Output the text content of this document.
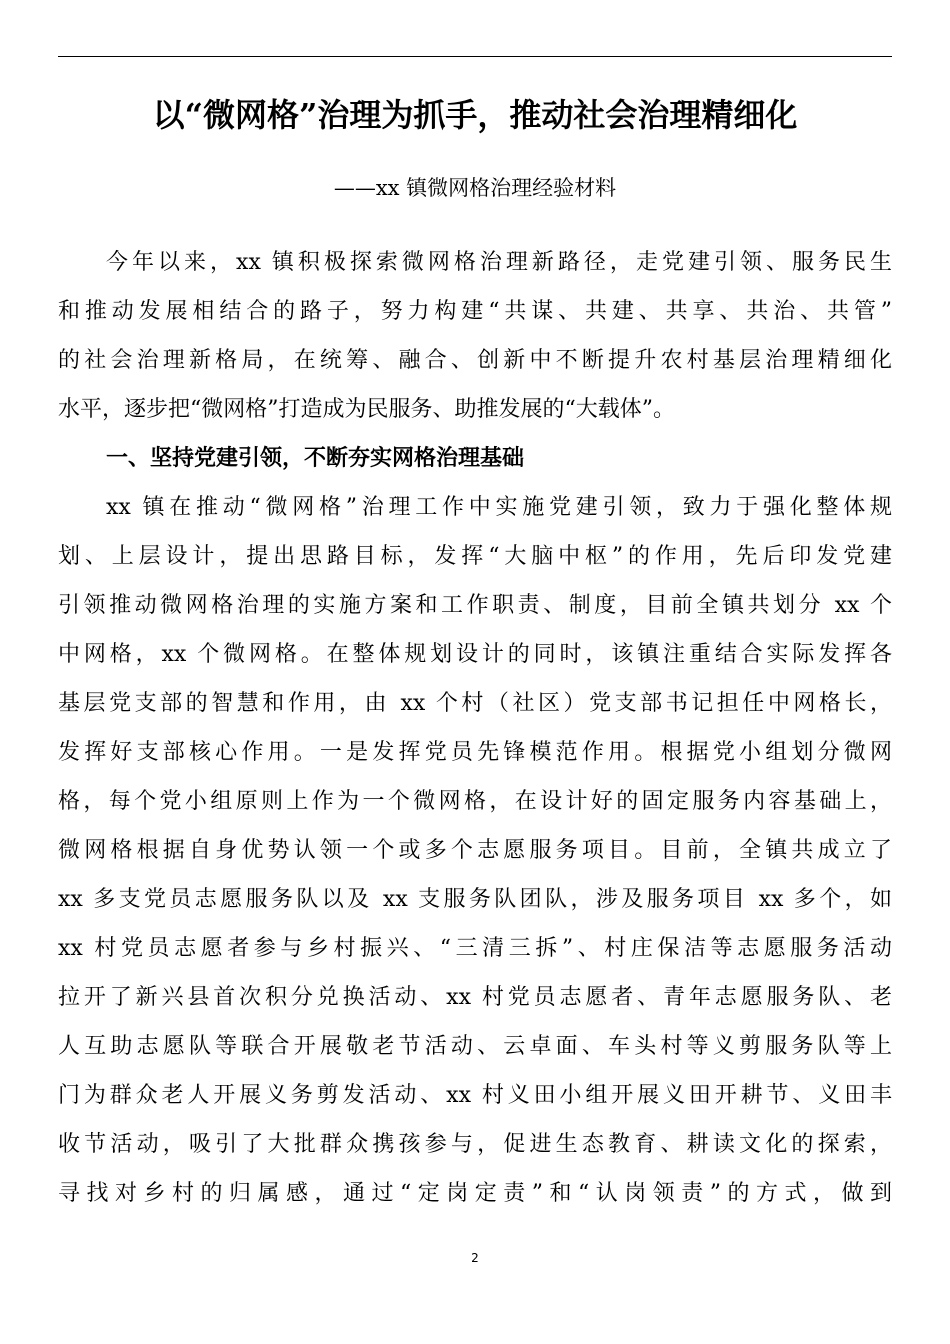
以“微网格”治理为抓手，推动社会治理精细化
——xx 镇微网格治理经验材料
今年以来，xx 镇积极探索微网格治理新路径，走党建引领、服务民生
和推动发展相结合的路子，努力构建“共谋、共建、共享、共治、共管”
的社会治理新格局，在统筹、融合、创新中不断提升农村基层治理精细化
水平，逐步把“微网格”打造成为民服务、助推发展的“大载体”。
一、坚持党建引领，不断夯实网格治理基础
xx 镇在推动“微网格”治理工作中实施党建引领，致力于强化整体规
划、上层设计，提出思路目标，发挥“大脑中枢”的作用，先后印发党建
引领推动微网格治理的实施方案和工作职责、制度，目前全镇共划分 xx 个
中网格，xx 个微网格。在整体规划设计的同时，该镇注重结合实际发挥各
基层党支部的智慧和作用，由 xx 个村（社区）党支部书记担任中网格长，
发挥好支部核心作用。一是发挥党员先锋模范作用。根据党小组划分微网
格，每个党小组原则上作为一个微网格，在设计好的固定服务内容基础上，
微网格根据自身优势认领一个或多个志愿服务项目。目前，全镇共成立了
xx 多支党员志愿服务队以及 xx 支服务队团队，涉及服务项目 xx 多个，如
xx 村党员志愿者参与乡村振兴、“三清三拆”、村庄保洁等志愿服务活动
拉开了新兴县首次积分兑换活动、xx 村党员志愿者、青年志愿服务队、老
人互助志愿队等联合开展敬老节活动、云卓面、车头村等义剪服务队等上
门为群众老人开展义务剪发活动、xx 村义田小组开展义田开耕节、义田丰
收节活动，吸引了大批群众携孩参与，促进生态教育、耕读文化的探索，
寻找对乡村的归属感，通过“定岗定责”和“认岗领责”的方式，做到
2
